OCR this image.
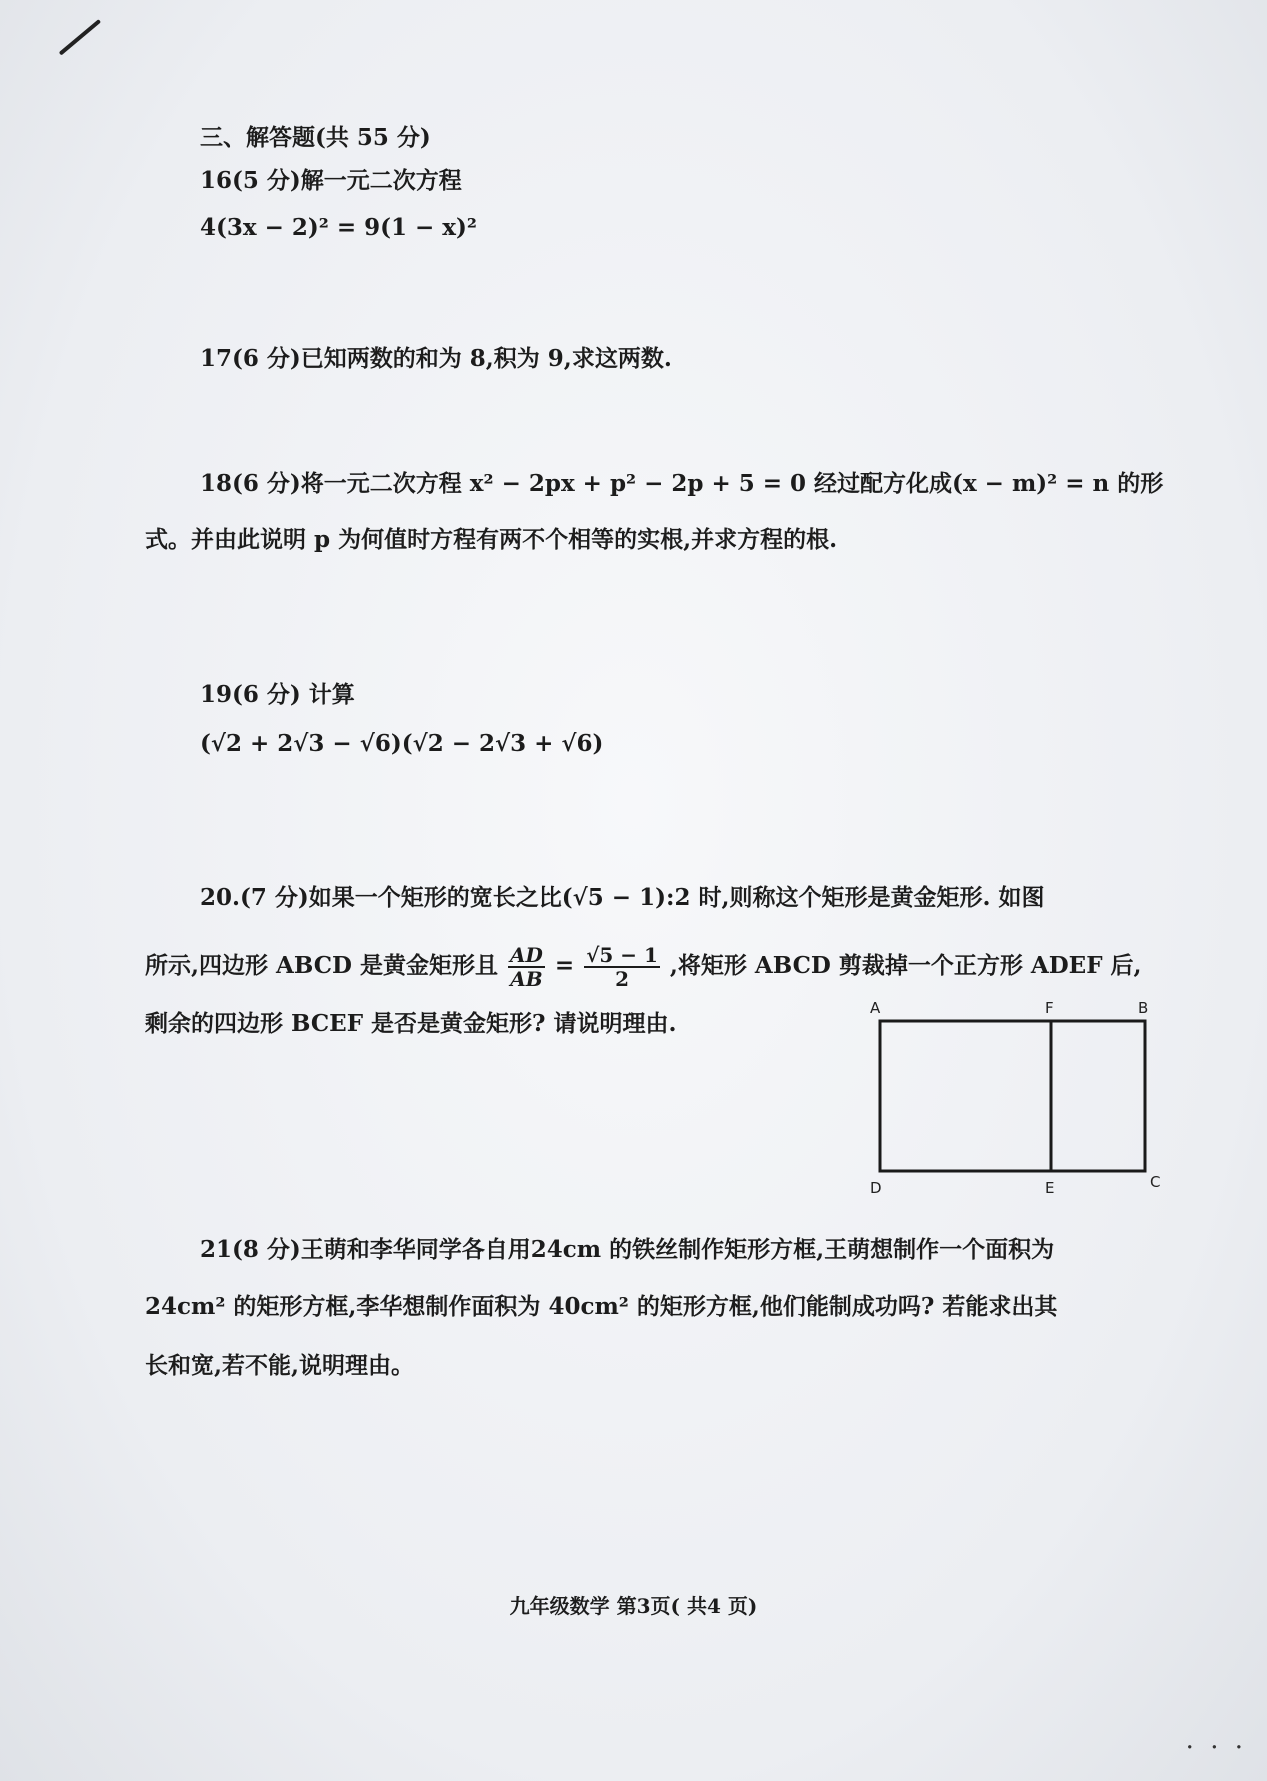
三、解答题(共 55 分)
16(5 分)解一元二次方程
4(3x − 2)² = 9(1 − x)²
17(6 分)已知两数的和为 8,积为 9,求这两数.
18(6 分)将一元二次方程 x² − 2px + p² − 2p + 5 = 0 经过配方化成(x − m)² = n 的形
式。并由此说明 p 为何值时方程有两不个相等的实根,并求方程的根.
19(6 分) 计算
(√2 + 2√3 − √6)(√2 − 2√3 + √6)
20.(7 分)如果一个矩形的宽长之比(√5 − 1):2 时,则称这个矩形是黄金矩形. 如图
所示,四边形 ABCD 是黄金矩形且 $\frac{AD}{AB} = \frac{√5 - 1}{2}$ ,将矩形 ABCD 剪裁掉一个正方形 ADEF 后,
剩余的四边形 BCEF 是否是黄金矩形? 请说明理由.
A	F	B
D	E	C
21(8 分)王萌和李华同学各自用24cm 的铁丝制作矩形方框,王萌想制作一个面积为
24cm² 的矩形方框,李华想制作面积为 40cm² 的矩形方框,他们能制成功吗? 若能求出其
长和宽,若不能,说明理由。
九年级数学 第3页( 共4 页)
· · ·
